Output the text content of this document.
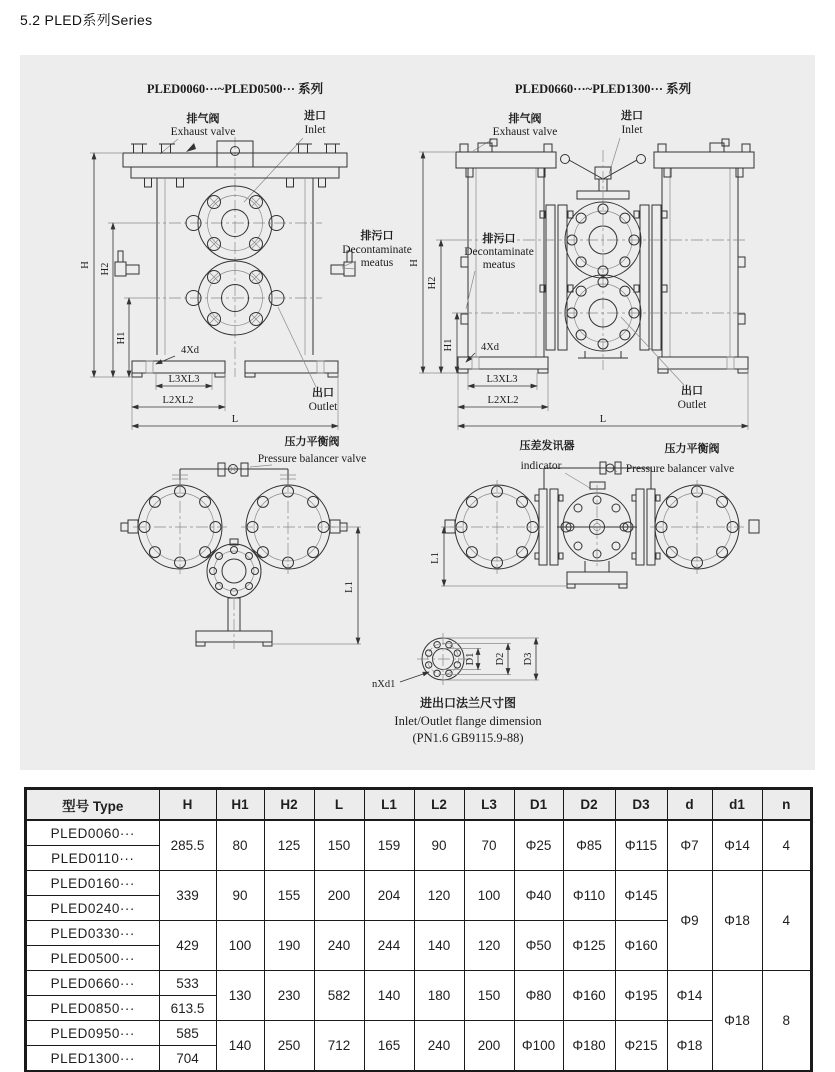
5.2 PLED系列Series
PLED0060···~PLED0500··· 系列
排气阀
Exhaust valve
进口
Inlet
H H2
H1
4Xd
L3XL3
L2XL2
L
出口
Outlet
排污口
Decontaminate
meatus
PLED0660···~PLED1300··· 系列
排气阀
Exhaust valve
进口
Inlet
H
H2
H1	4Xd
L3XL3
L2XL2
L
出口
Outlet
排污口
Decontaminate
meatus
压力平衡阀
Pressure balancer valve
L1
压差发讯器
indicator
压力平衡阀
Pressure balancer valve
L1
nXd1
D1 D2 D3
进出口法兰尺寸图
Inlet/Outlet flange dimension
(PN1.6 GB9115.9-88)
型号 Type	H	H1	H2	L	L1	L2	L3	D1	D2	D3	d	d1	n
PLED0060···	285.5	80	125	150	159	90	70	Φ25	Φ85	Φ115	Φ7	Φ14	4
PLED0110···													
PLED0160···	339	90	155	200	204	120	100	Φ40	Φ110	Φ145	Φ9	Φ18	4
PLED0240···													
PLED0330···	429	100	190	240	244	140	120	Φ50	Φ125	Φ160			
PLED0500···													
PLED0660···	533	130	230	582	140	180	150	Φ80	Φ160	Φ195	Φ14	Φ18	8
PLED0850···	613.5												
PLED0950···	585	140	250	712	165	240	200	Φ100	Φ180	Φ215	Φ18		
PLED1300···	704												
